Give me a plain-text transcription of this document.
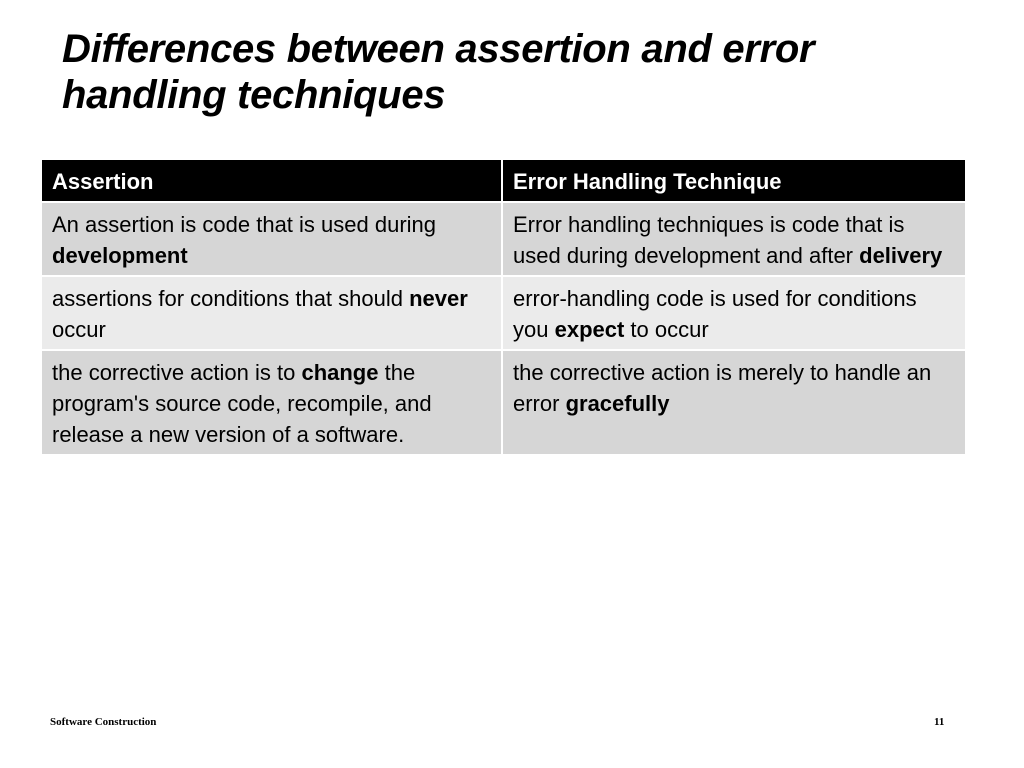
Differences between assertion and error
handling techniques
Assertion	Error Handling Technique
An assertion is code that is used during development	Error handling techniques is code that is used during development and after delivery
assertions for conditions that should never occur	error-handling code is used for conditions you expect to occur
the corrective action is to change the program's source code, recompile, and release a new version of a software.	the corrective action is merely to handle an error gracefully
Software Construction	11
